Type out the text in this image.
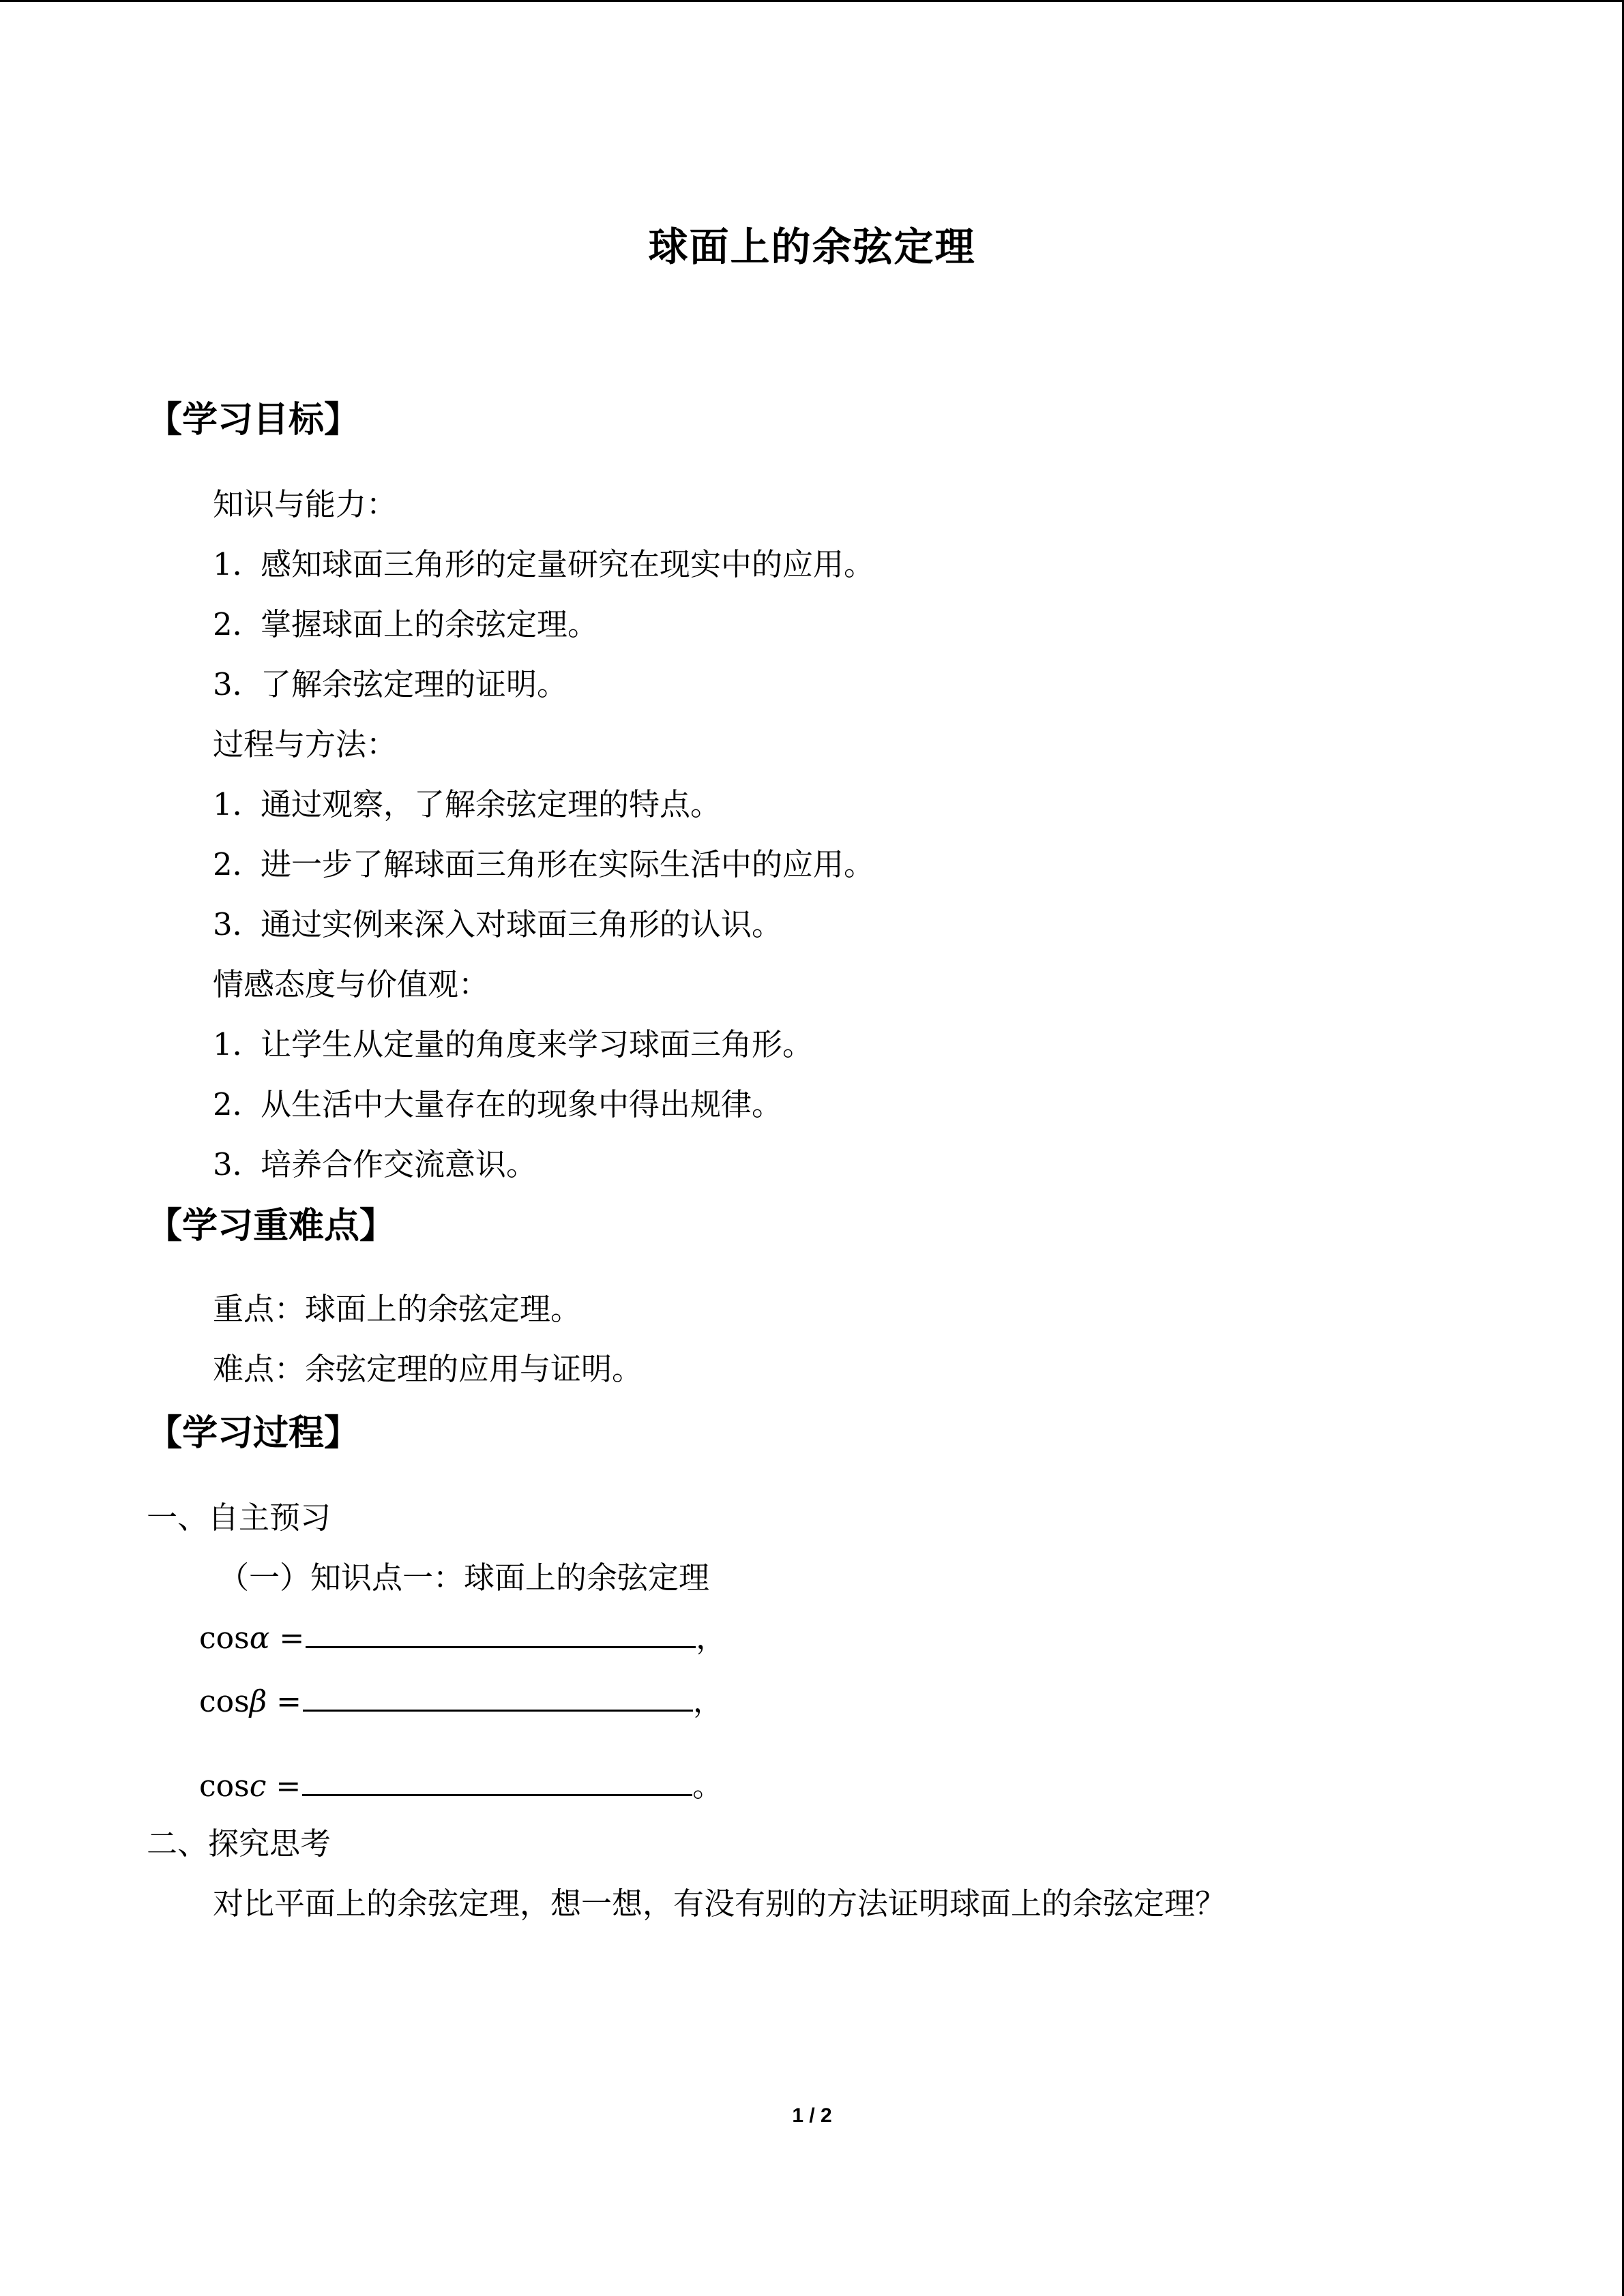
球面上的余弦定理
【学习目标】
知识与能力：
1．感知球面三角形的定量研究在现实中的应用。
2．掌握球面上的余弦定理。
3．了解余弦定理的证明。
过程与方法：
1．通过观察，了解余弦定理的特点。
2．进一步了解球面三角形在实际生活中的应用。
3．通过实例来深入对球面三角形的认识。
情感态度与价值观：
1．让学生从定量的角度来学习球面三角形。
2．从生活中大量存在的现象中得出规律。
3．培养合作交流意识。
【学习重难点】
重点：球面上的余弦定理。
难点：余弦定理的应用与证明。
【学习过程】
一、自主预习
（一）知识点一：球面上的余弦定理
cosα =	，
cosβ =	，
cosc =	。
二、探究思考
对比平面上的余弦定理，想一想，有没有别的方法证明球面上的余弦定理？
1 / 2
